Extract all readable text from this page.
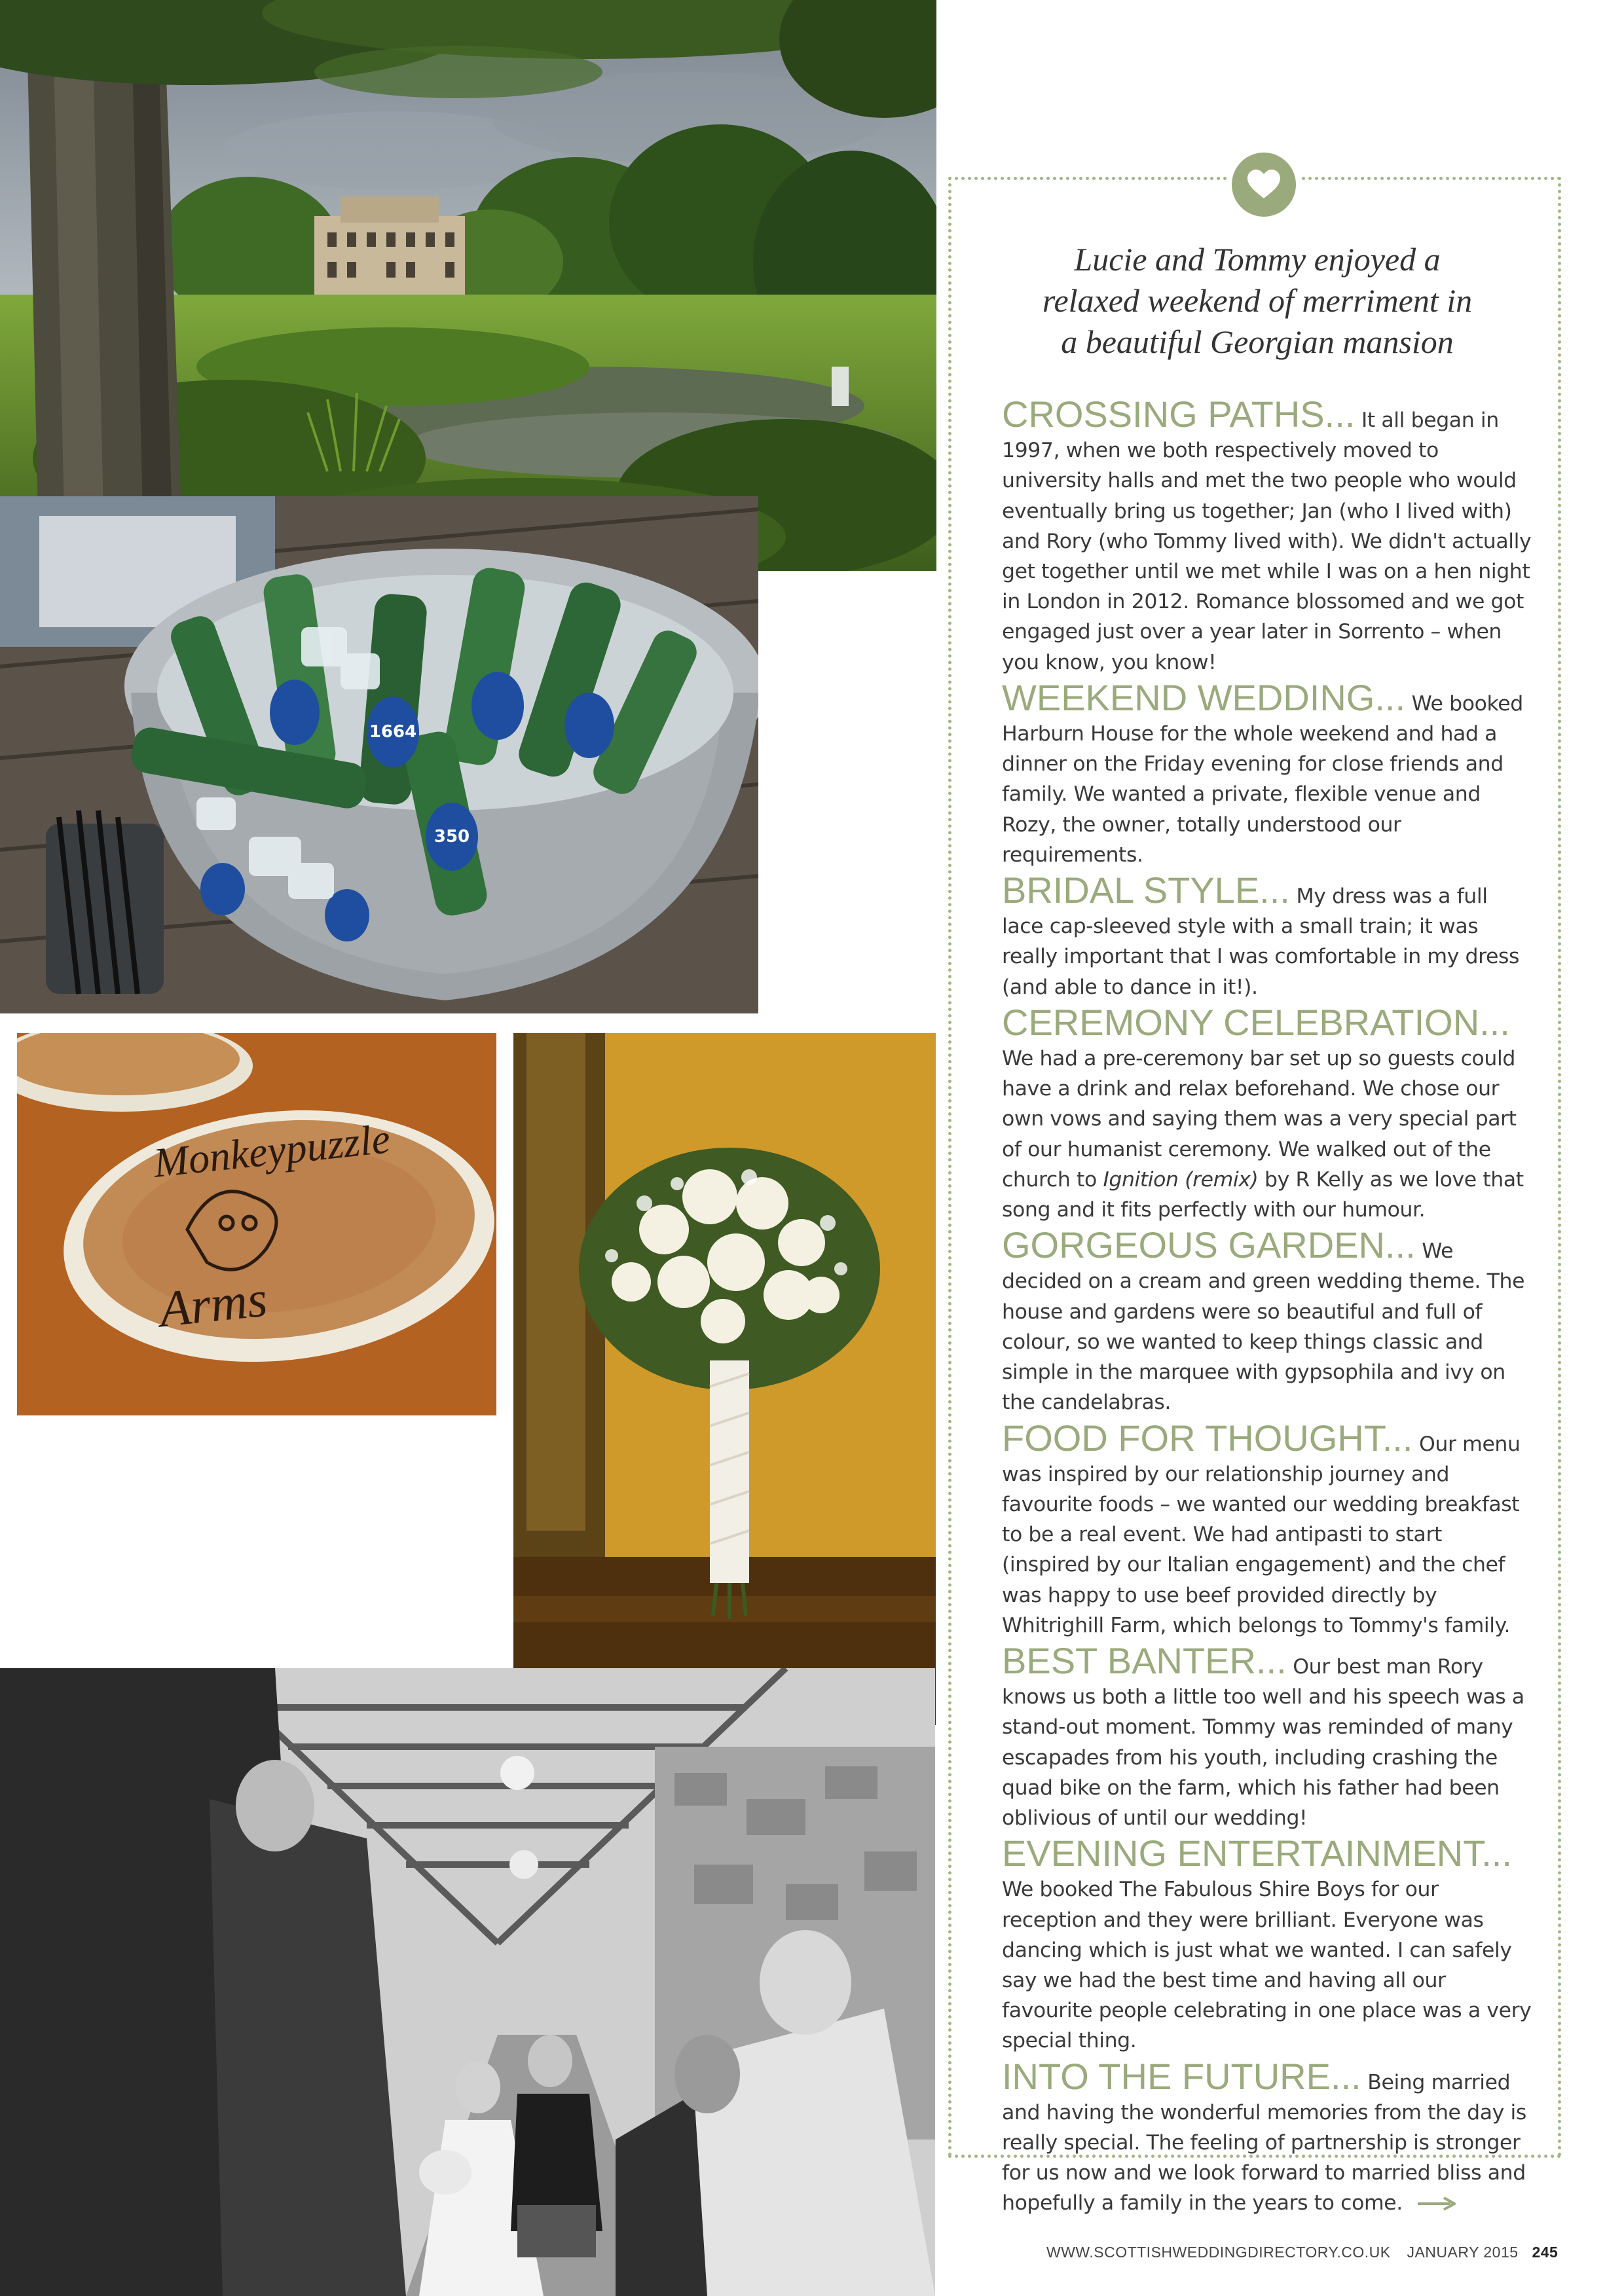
1664
350
Monkeypuzzle
Arms
Lucie and Tommy enjoyed a
relaxed weekend of merriment in
a beautiful Georgian mansion

CROSSING PATHS... It all began in 1997, when we both respectively moved to university halls and met the two people who would eventually bring us together; Jan (who I lived with) and Rory (who Tommy lived with). We didn't actually get together until we met while I was on a hen night in London in 2012. Romance blossomed and we got engaged just over a year later in Sorrento – when you know, you know!

WEEKEND WEDDING... We booked Harburn House for the whole weekend and had a dinner on the Friday evening for close friends and family. We wanted a private, flexible venue and Rozy, the owner, totally understood our requirements.

BRIDAL STYLE... My dress was a full lace cap-sleeved style with a small train; it was really important that I was comfortable in my dress (and able to dance in it!).

CEREMONY CELEBRATION... We had a pre-ceremony bar set up so guests could have a drink and relax beforehand. We chose our own vows and saying them was a very special part of our humanist ceremony. We walked out of the church to Ignition (remix) by R Kelly as we love that song and it fits perfectly with our humour.

GORGEOUS GARDEN... We decided on a cream and green wedding theme. The house and gardens were so beautiful and full of colour, so we wanted to keep things classic and simple in the marquee with gypsophila and ivy on the candelabras.

FOOD FOR THOUGHT... Our menu was inspired by our relationship journey and favourite foods – we wanted our wedding breakfast to be a real event. We had antipasti to start (inspired by our Italian engagement) and the chef was happy to use beef provided directly by Whitrighill Farm, which belongs to Tommy's family.

BEST BANTER... Our best man Rory knows us both a little too well and his speech was a stand-out moment. Tommy was reminded of many escapades from his youth, including crashing the quad bike on the farm, which his father had been oblivious of until our wedding!

EVENING ENTERTAINMENT... We booked The Fabulous Shire Boys for our reception and they were brilliant. Everyone was dancing which is just what we wanted. I can safely say we had the best time and having all our favourite people celebrating in one place was a very special thing.

INTO THE FUTURE... Being married and having the wonderful memories from the day is really special. The feeling of partnership is stronger for us now and we look forward to married bliss and hopefully a family in the years to come.

WWW.SCOTTISHWEDDINGDIRECTORY.CO.UK JANUARY 2015 245
